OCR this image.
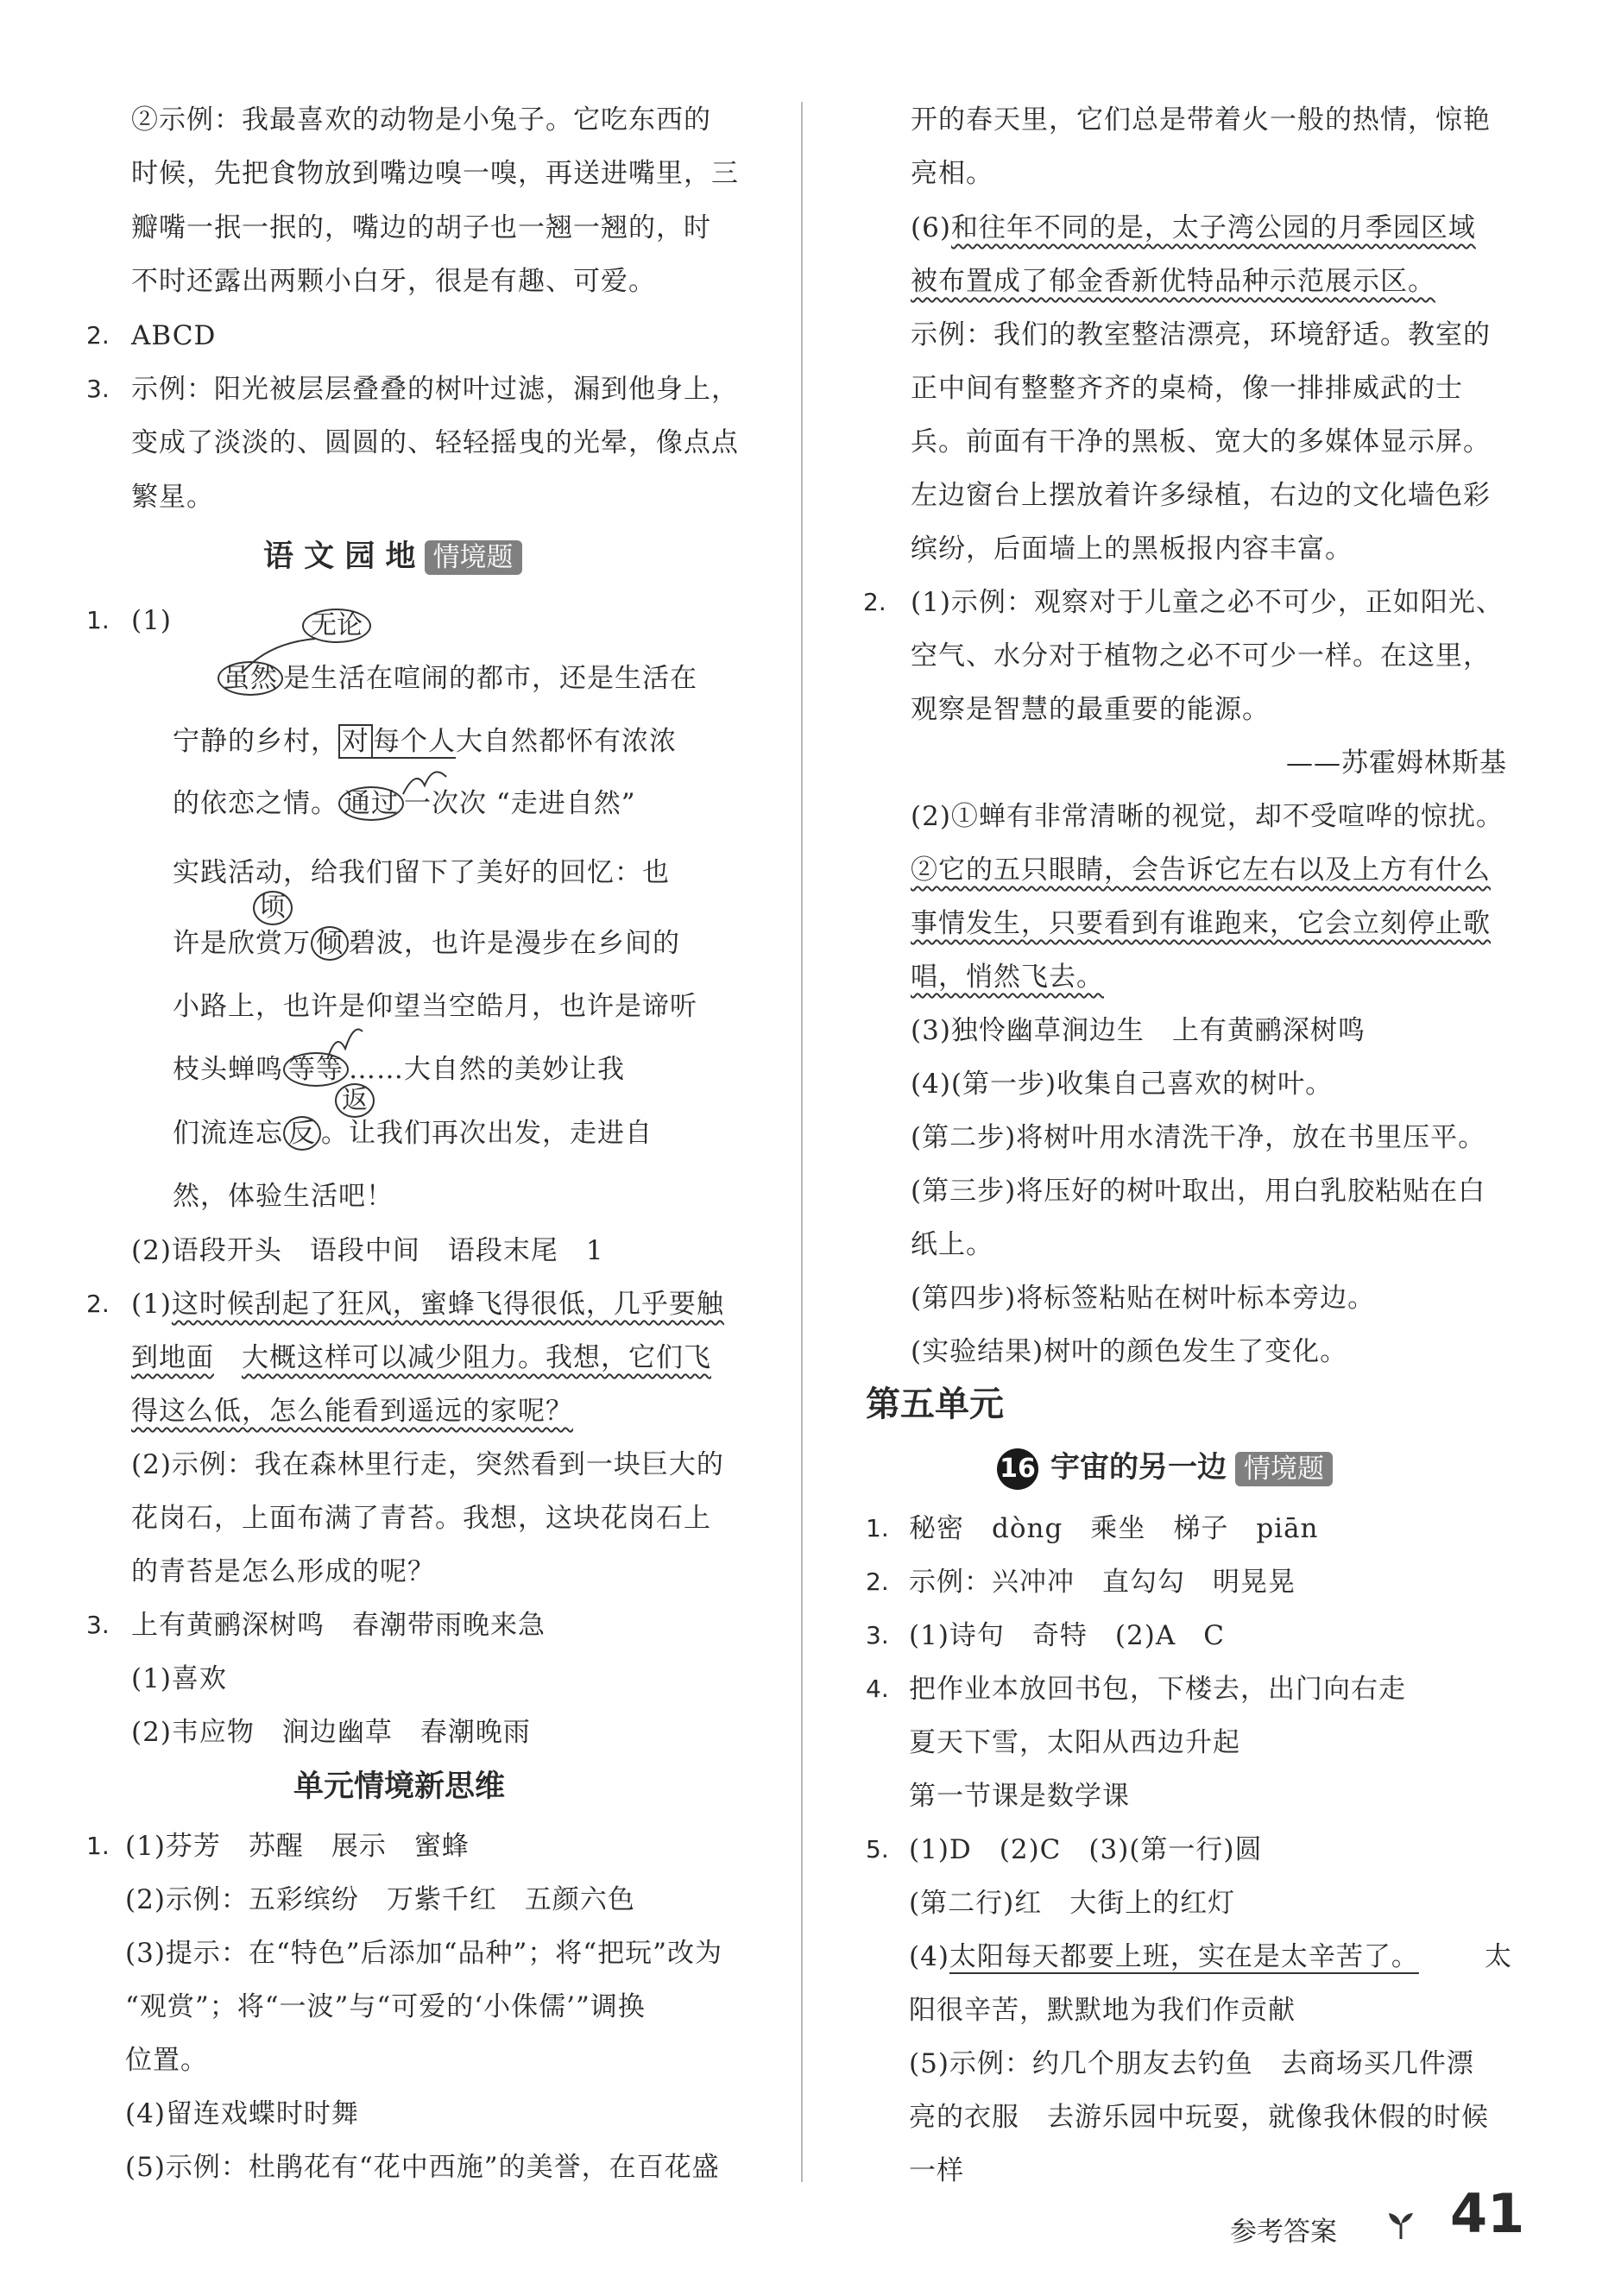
②示例：我最喜欢的动物是小兔子。它吃东西的
时候，先把食物放到嘴边嗅一嗅，再送进嘴里，三
瓣嘴一抿一抿的，嘴边的胡子也一翘一翘的，时
不时还露出两颗小白牙，很是有趣、可爱。
2. ABCD
3. 示例：阳光被层层叠叠的树叶过滤，漏到他身上，
变成了淡淡的、圆圆的、轻轻摇曳的光晕，像点点
繁星。
语 文 园 地 情境题
1. (1)	无论
虽然 是生活在喧闹的都市，还是生活在
宁静的乡村， 对 每个人大自然都怀有浓浓
的依恋之情。 通过 一次次 “走进自然”
实践活动，给我们留下了美好的回忆：也
顷
许是欣赏万 倾 碧波，也许是漫步在乡间的
小路上，也许是仰望当空皓月，也许是谛听
枝头蝉鸣 等等 ……大自然的美妙让我
返
们流连忘 反 。让我们再次出发，走进自
然，体验生活吧！
(2)语段开头　语段中间　语段末尾　1
2. (1)这时候刮起了狂风，蜜蜂飞得很低，几乎要触
到地面　 大概这样可以减少阻力。我想，它们飞
得这么低，怎么能看到遥远的家呢？
(2)示例：我在森林里行走，突然看到一块巨大的
花岗石，上面布满了青苔。我想，这块花岗石上
的青苔是怎么形成的呢？
3. 上有黄鹂深树鸣　春潮带雨晚来急
(1)喜欢
(2)韦应物　涧边幽草　春潮晚雨
单元情境新思维
1. (1)芬芳　苏醒　展示　蜜蜂
(2)示例：五彩缤纷　万紫千红　五颜六色
(3)提示：在“特色”后添加“品种”；将“把玩”改为
“观赏”；将“一波”与“可爱的‘小侏儒’”调换
位置。
(4)留连戏蝶时时舞
(5)示例：杜鹃花有“花中西施”的美誉，在百花盛
开的春天里，它们总是带着火一般的热情，惊艳
亮相。
(6)和往年不同的是，太子湾公园的月季园区域
被布置成了郁金香新优特品种示范展示区。
示例：我们的教室整洁漂亮，环境舒适。教室的
正中间有整整齐齐的桌椅，像一排排威武的士
兵。前面有干净的黑板、宽大的多媒体显示屏。
左边窗台上摆放着许多绿植，右边的文化墙色彩
缤纷，后面墙上的黑板报内容丰富。
2. (1)示例：观察对于儿童之必不可少，正如阳光、
空气、水分对于植物之必不可少一样。在这里，
观察是智慧的最重要的能源。
——苏霍姆林斯基
(2)①蝉有非常清晰的视觉，却不受喧哗的惊扰。
②它的五只眼睛，会告诉它左右以及上方有什么
事情发生，只要看到有谁跑来，它会立刻停止歌
唱，悄然飞去。
(3)独怜幽草涧边生　上有黄鹂深树鸣
(4)(第一步)收集自己喜欢的树叶。
(第二步)将树叶用水清洗干净，放在书里压平。
(第三步)将压好的树叶取出，用白乳胶粘贴在白
纸上。
(第四步)将标签粘贴在树叶标本旁边。
(实验结果)树叶的颜色发生了变化。
第五单元
16 宇宙的另一边 情境题
1. 秘密　dòng　乘坐　梯子　piān
2. 示例：兴冲冲　直勾勾　明晃晃
3. (1)诗句　奇特　(2)A　C
4. 把作业本放回书包，下楼去，出门向右走
夏天下雪，太阳从西边升起
第一节课是数学课
5. (1)D　(2)C　(3)(第一行)圆
(第二行)红　大街上的红灯
(4)太阳每天都要上班，实在是太辛苦了。 太
阳很辛苦，默默地为我们作贡献
(5)示例：约几个朋友去钓鱼　去商场买几件漂
亮的衣服　去游乐园中玩耍，就像我休假的时候
一样
参考答案 41
